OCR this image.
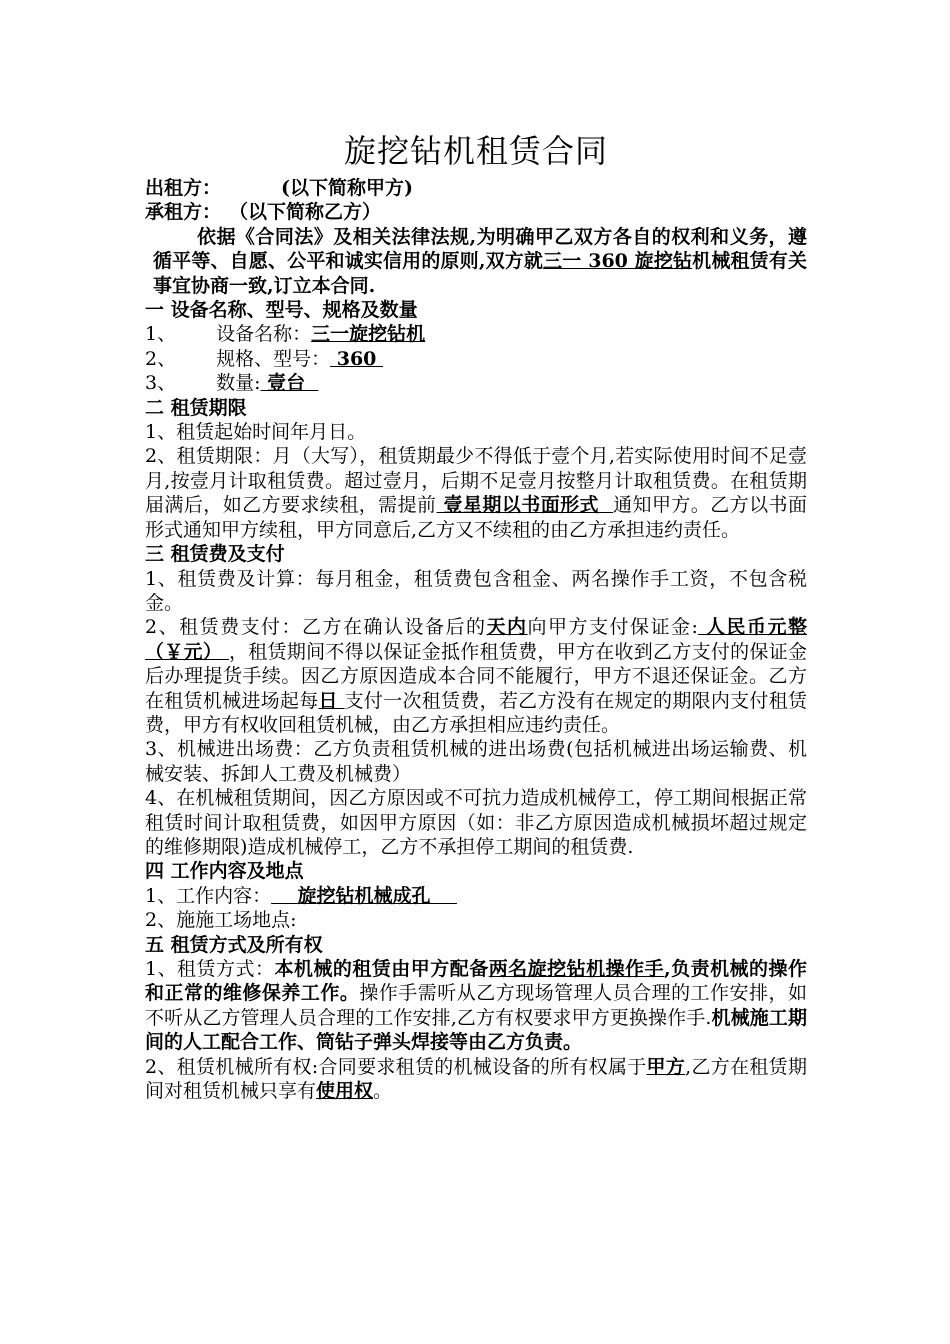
旋挖钻机租赁合同

出租方：	(以下简称甲方)

承租方： （以下简称乙方）

依据《合同法》及相关法律法规,为明确甲乙双方各自的权利和义务，遵循平等、自愿、公平和诚实信用的原则,双方就三一 360 旋挖钻机械租赁有关事宜协商一致,订立本合同.

一 设备名称、型号、规格及数量

1、 设备名称：三一旋挖钻机

2、 规格、型号： 360

3、 数量: 壹台

二 租赁期限

1、租赁起始时间年月日。

2、租赁期限：月（大写），租赁期最少不得低于壹个月,若实际使用时间不足壹月,按壹月计取租赁费。超过壹月，后期不足壹月按整月计取租赁费。在租赁期届满后，如乙方要求续租，需提前 壹星期以书面形式  通知甲方。乙方以书面形式通知甲方续租，甲方同意后,乙方又不续租的由乙方承担违约责任。

三 租赁费及支付

1、租赁费及计算：每月租金，租赁费包含租金、两名操作手工资，不包含税金。

2、租赁费支付：乙方在确认设备后的天内向甲方支付保证金: 人民币元整（￥元） ，租赁期间不得以保证金抵作租赁费，甲方在收到乙方支付的保证金后办理提货手续。因乙方原因造成本合同不能履行，甲方不退还保证金。乙方在租赁机械进场起每日 支付一次租赁费，若乙方没有在规定的期限内支付租赁费，甲方有权收回租赁机械，由乙方承担相应违约责任。

3、机械进出场费：乙方负责租赁机械的进出场费(包括机械进出场运输费、机械安装、拆卸人工费及机械费）

4、在机械租赁期间，因乙方原因或不可抗力造成机械停工，停工期间根据正常租赁时间计取租赁费，如因甲方原因（如：非乙方原因造成机械损坏超过规定的维修期限)造成机械停工，乙方不承担停工期间的租赁费.

四 工作内容及地点

1、工作内容：    旋挖钻机械成孔

2、施施工场地点:

五 租赁方式及所有权

1、租赁方式：本机械的租赁由甲方配备两名旋挖钻机操作手,负责机械的操作和正常的维修保养工作。操作手需听从乙方现场管理人员合理的工作安排，如不听从乙方管理人员合理的工作安排,乙方有权要求甲方更换操作手.机械施工期间的人工配合工作、筒钻子弹头焊接等由乙方负责。

2、租赁机械所有权:合同要求租赁的机械设备的所有权属于甲方,乙方在租赁期间对租赁机械只享有使用权。
